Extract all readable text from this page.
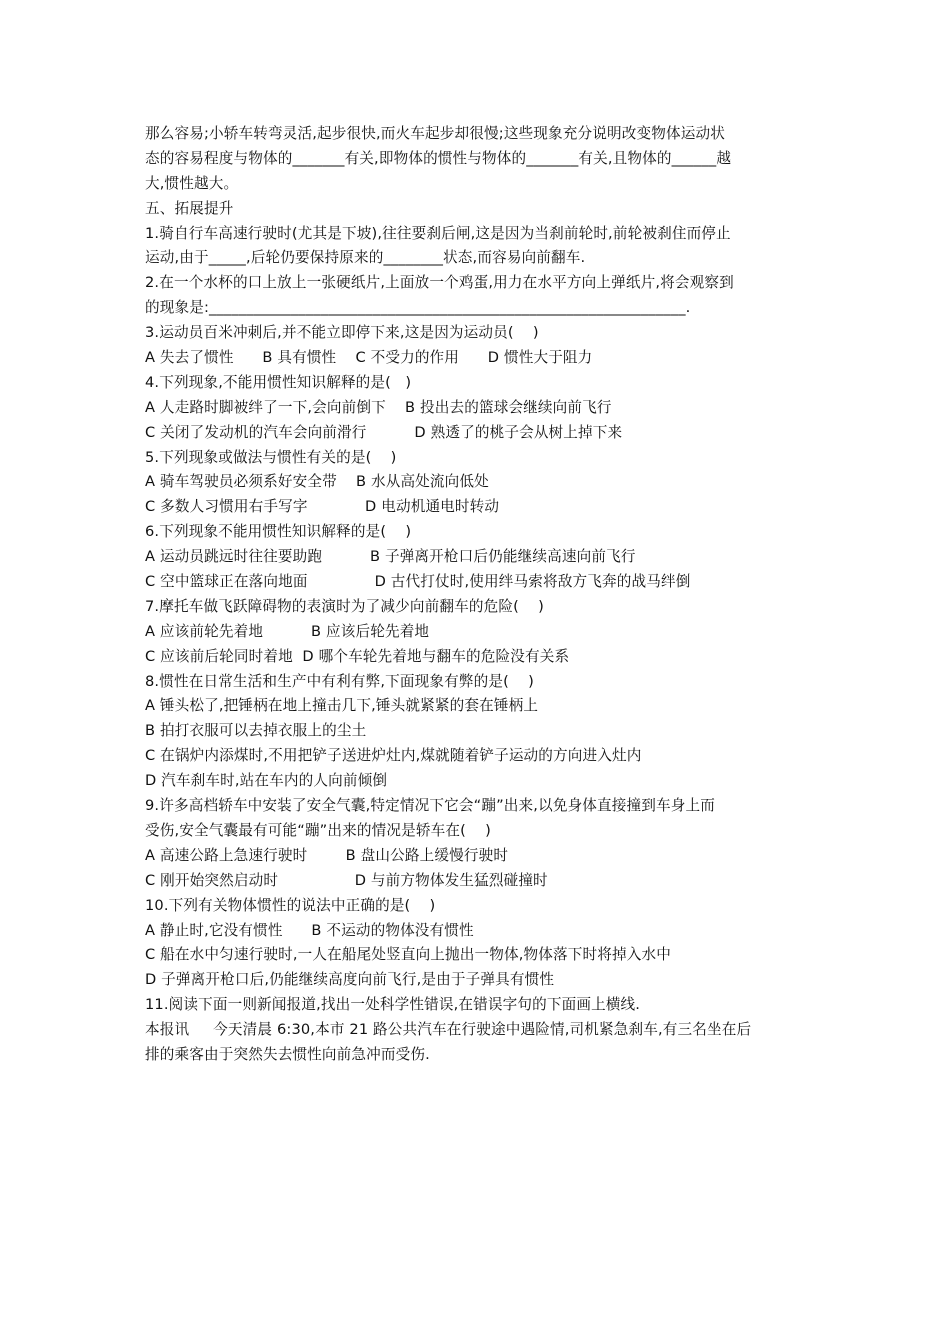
那么容易;小轿车转弯灵活,起步很快,而火车起步却很慢;这些现象充分说明改变物体运动状
态的容易程度与物体的_______有关,即物体的惯性与物体的_______有关,且物体的______越
大,惯性越大。
五、拓展提升
1.骑自行车高速行驶时(尤其是下坡),往往要刹后闸,这是因为当刹前轮时,前轮被刹住而停止
运动,由于_____,后轮仍要保持原来的________状态,而容易向前翻车.
2.在一个水杯的口上放上一张硬纸片,上面放一个鸡蛋,用力在水平方向上弹纸片,将会观察到
的现象是:________________________________________________________________.
3.运动员百米冲刺后,并不能立即停下来,这是因为运动员(    )
A 失去了惯性      B 具有惯性    C 不受力的作用      D 惯性大于阻力
4.下列现象,不能用惯性知识解释的是(   )
A 人走路时脚被绊了一下,会向前倒下    B 投出去的篮球会继续向前飞行
C 关闭了发动机的汽车会向前滑行          D 熟透了的桃子会从树上掉下来
5.下列现象或做法与惯性有关的是(    )
A 骑车驾驶员必须系好安全带    B 水从高处流向低处
C 多数人习惯用右手写字            D 电动机通电时转动
6.下列现象不能用惯性知识解释的是(    )
A 运动员跳远时往往要助跑          B 子弹离开枪口后仍能继续高速向前飞行
C 空中篮球正在落向地面              D 古代打仗时,使用绊马索将敌方飞奔的战马绊倒
7.摩托车做飞跃障碍物的表演时为了减少向前翻车的危险(    )
A 应该前轮先着地          B 应该后轮先着地
C 应该前后轮同时着地  D 哪个车轮先着地与翻车的危险没有关系
8.惯性在日常生活和生产中有利有弊,下面现象有弊的是(    )
A 锤头松了,把锤柄在地上撞击几下,锤头就紧紧的套在锤柄上
B 拍打衣服可以去掉衣服上的尘土
C 在锅炉内添煤时,不用把铲子送进炉灶内,煤就随着铲子运动的方向进入灶内
D 汽车刹车时,站在车内的人向前倾倒
9.许多高档轿车中安装了安全气囊,特定情况下它会“蹦”出来,以免身体直接撞到车身上而
受伤,安全气囊最有可能“蹦”出来的情况是轿车在(    )
A 高速公路上急速行驶时        B 盘山公路上缓慢行驶时
C 刚开始突然启动时                D 与前方物体发生猛烈碰撞时
10.下列有关物体惯性的说法中正确的是(    )
A 静止时,它没有惯性      B 不运动的物体没有惯性
C 船在水中匀速行驶时,一人在船尾处竖直向上抛出一物体,物体落下时将掉入水中
D 子弹离开枪口后,仍能继续高度向前飞行,是由于子弹具有惯性
11.阅读下面一则新闻报道,找出一处科学性错误,在错误字句的下面画上横线.
本报讯     今天清晨 6:30,本市 21 路公共汽车在行驶途中遇险情,司机紧急刹车,有三名坐在后
排的乘客由于突然失去惯性向前急冲而受伤.
